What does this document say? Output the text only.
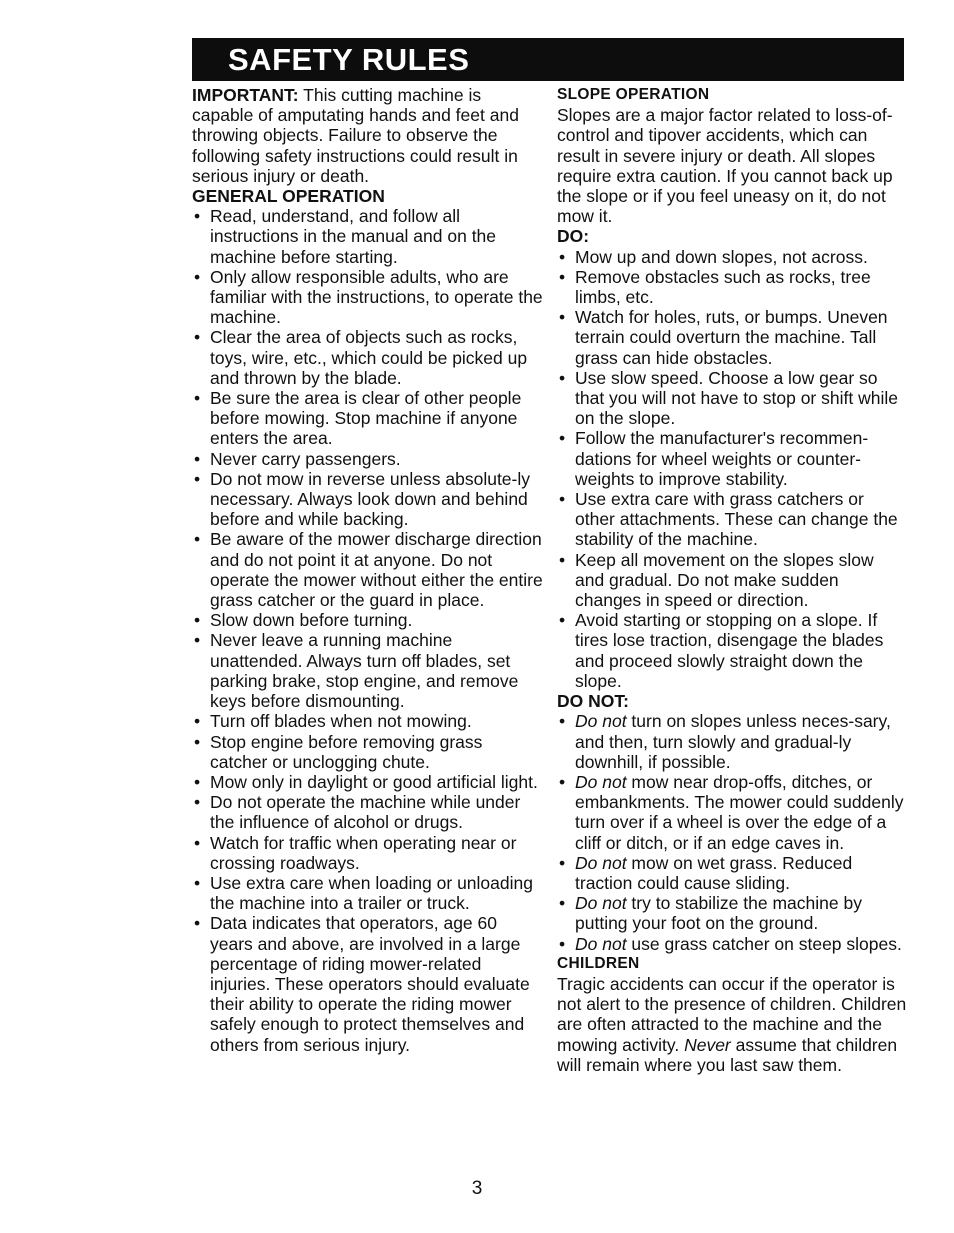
SAFETY RULES

IMPORTANT: This cutting machine is capable of amputating hands and feet and throwing objects. Failure to observe the following safety instructions could result in serious injury or death.

GENERAL OPERATION
• Read, understand, and follow all instructions in the manual and on the machine before starting.
• Only allow responsible adults, who are familiar with the instructions, to operate the machine.
• Clear the area of objects such as rocks, toys, wire, etc., which could be picked up and thrown by the blade.
• Be sure the area is clear of other people before mowing. Stop machine if anyone enters the area.
• Never carry passengers.
• Do not mow in reverse unless absolute-ly necessary. Always look down and behind before and while backing.
• Be aware of the mower discharge direction and do not point it at anyone. Do not operate the mower without either the entire grass catcher or the guard in place.
• Slow down before turning.
• Never leave a running machine unattended. Always turn off blades, set parking brake, stop engine, and remove keys before dismounting.
• Turn off blades when not mowing.
• Stop engine before removing grass catcher or unclogging chute.
• Mow only in daylight or good artificial light.
• Do not operate the machine while under the influence of alcohol or drugs.
• Watch for traffic when operating near or crossing roadways.
• Use extra care when loading or unloading the machine into a trailer or truck.
• Data indicates that operators, age 60 years and above, are involved in a large percentage of riding mower-related injuries. These operators should evaluate their ability to operate the riding mower safely enough to protect themselves and others from serious injury.
SLOPE OPERATION

Slopes are a major factor related to loss-of-control and tipover accidents, which can result in severe injury or death. All slopes require extra caution. If you cannot back up the slope or if you feel uneasy on it, do not mow it.

DO:
• Mow up and down slopes, not across.
• Remove obstacles such as rocks, tree limbs, etc.
• Watch for holes, ruts, or bumps. Uneven terrain could overturn the machine. Tall grass can hide obstacles.
• Use slow speed. Choose a low gear so that you will not have to stop or shift while on the slope.
• Follow the manufacturer's recommen-dations for wheel weights or counter-weights to improve stability.
• Use extra care with grass catchers or other attachments. These can change the stability of the machine.
• Keep all movement on the slopes slow and gradual. Do not make sudden changes in speed or direction.
• Avoid starting or stopping on a slope. If tires lose traction, disengage the blades and proceed slowly straight down the slope.
DO NOT:
• Do not turn on slopes unless neces-sary, and then, turn slowly and gradual-ly downhill, if possible.
• Do not mow near drop-offs, ditches, or embankments. The mower could suddenly turn over if a wheel is over the edge of a cliff or ditch, or if an edge caves in.
• Do not mow on wet grass. Reduced traction could cause sliding.
• Do not try to stabilize the machine by putting your foot on the ground.
• Do not use grass catcher on steep slopes.
CHILDREN

Tragic accidents can occur if the operator is not alert to the presence of children. Children are often attracted to the machine and the mowing activity. Never assume that children will remain where you last saw them.

3
